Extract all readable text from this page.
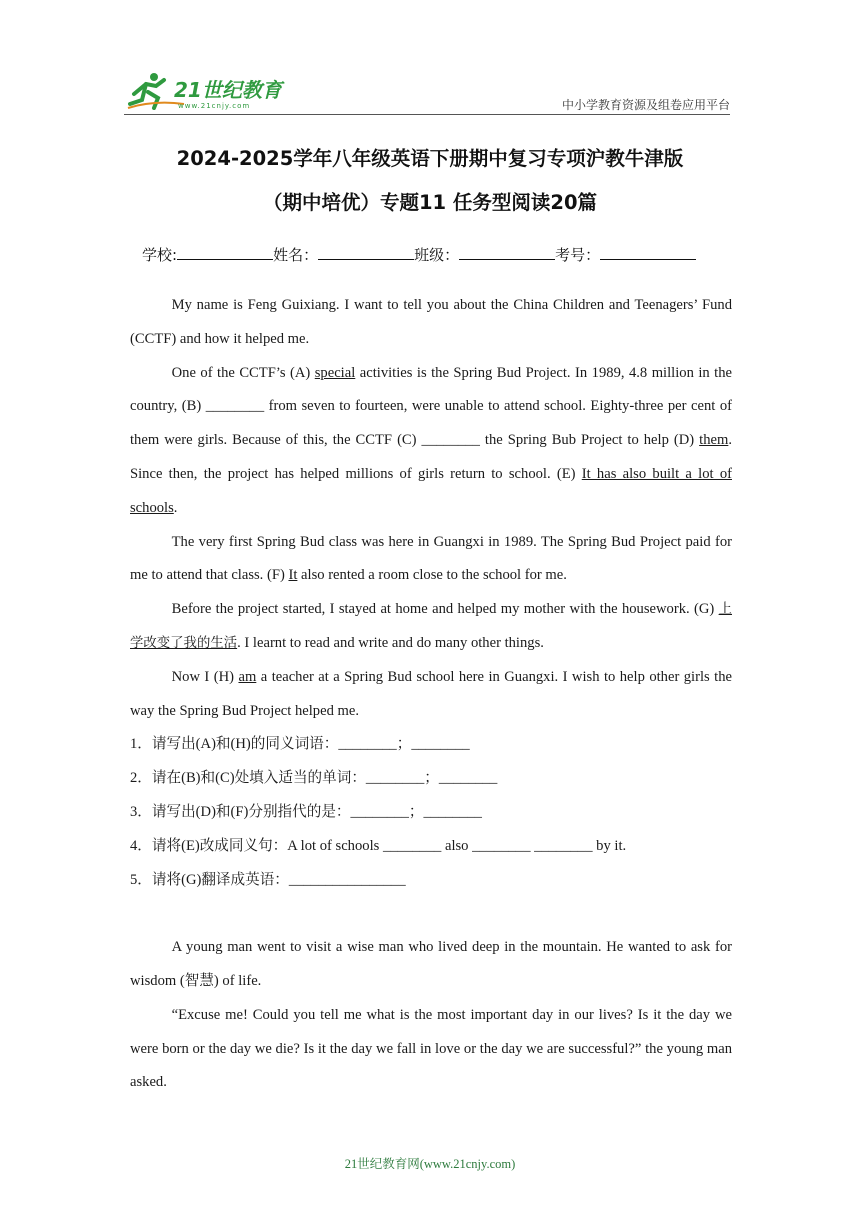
21世纪教育
www.21cnjy.com	中小学教育资源及组卷应用平台
2024-2025学年八年级英语下册期中复习专项沪教牛津版
（期中培优）专题11 任务型阅读20篇
学校:	姓名：	班级：	考号：

My name is Feng Guixiang. I want to tell you about the China Children and Teenagers’ Fund (CCTF) and how it helped me.

One of the CCTF’s (A) special activities is the Spring Bud Project. In 1989, 4.8 million in the country, (B) ________ from seven to fourteen, were unable to attend school. Eighty-three per cent of them were girls. Because of this, the CCTF (C) ________ the Spring Bub Project to help (D) them. Since then, the project has helped millions of girls return to school. (E) It has also built a lot of schools.

The very first Spring Bud class was here in Guangxi in 1989. The Spring Bud Project paid for me to attend that class. (F) It also rented a room close to the school for me.

Before the project started, I stayed at home and helped my mother with the housework. (G) 上学改变了我的生活. I learnt to read and write and do many other things.

Now I (H) am a teacher at a Spring Bud school here in Guangxi. I wish to help other girls the way the Spring Bud Project helped me.

1．请写出(A)和(H)的同义词语：________；________

2．请在(B)和(C)处填入适当的单词：________；________

3．请写出(D)和(F)分别指代的是：________；________

4．请将(E)改成同义句：A lot of schools ________ also ________ ________ by it.

5．请将(G)翻译成英语：________________

A young man went to visit a wise man who lived deep in the mountain. He wanted to ask for wisdom (智慧) of life.

“Excuse me! Could you tell me what is the most important day in our lives? Is it the day we were born or the day we die? Is it the day we fall in love or the day we are successful?” the young man asked.

21世纪教育网(www.21cnjy.com)
